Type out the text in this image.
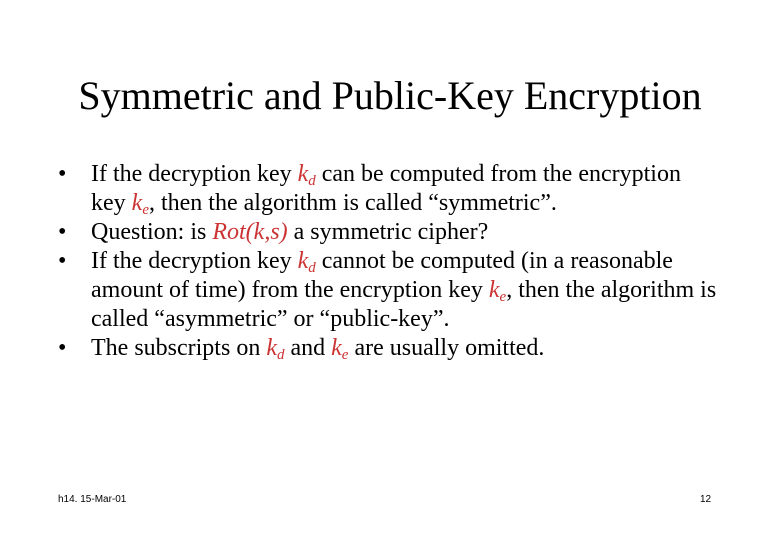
Symmetric and Public-Key Encryption
• If the decryption key $k_d$ can be computed from the encryption key $k_e$, then the algorithm is called “symmetric”.
• Question: is Rot(k,s) a symmetric cipher?
• If the decryption key $k_d$ cannot be computed (in a reasonable amount of time) from the encryption key $k_e$, then the algorithm is called “asymmetric” or “public-key”.
• The subscripts on $k_d$ and $k_e$ are usually omitted.
h14. 15-Mar-01	12
